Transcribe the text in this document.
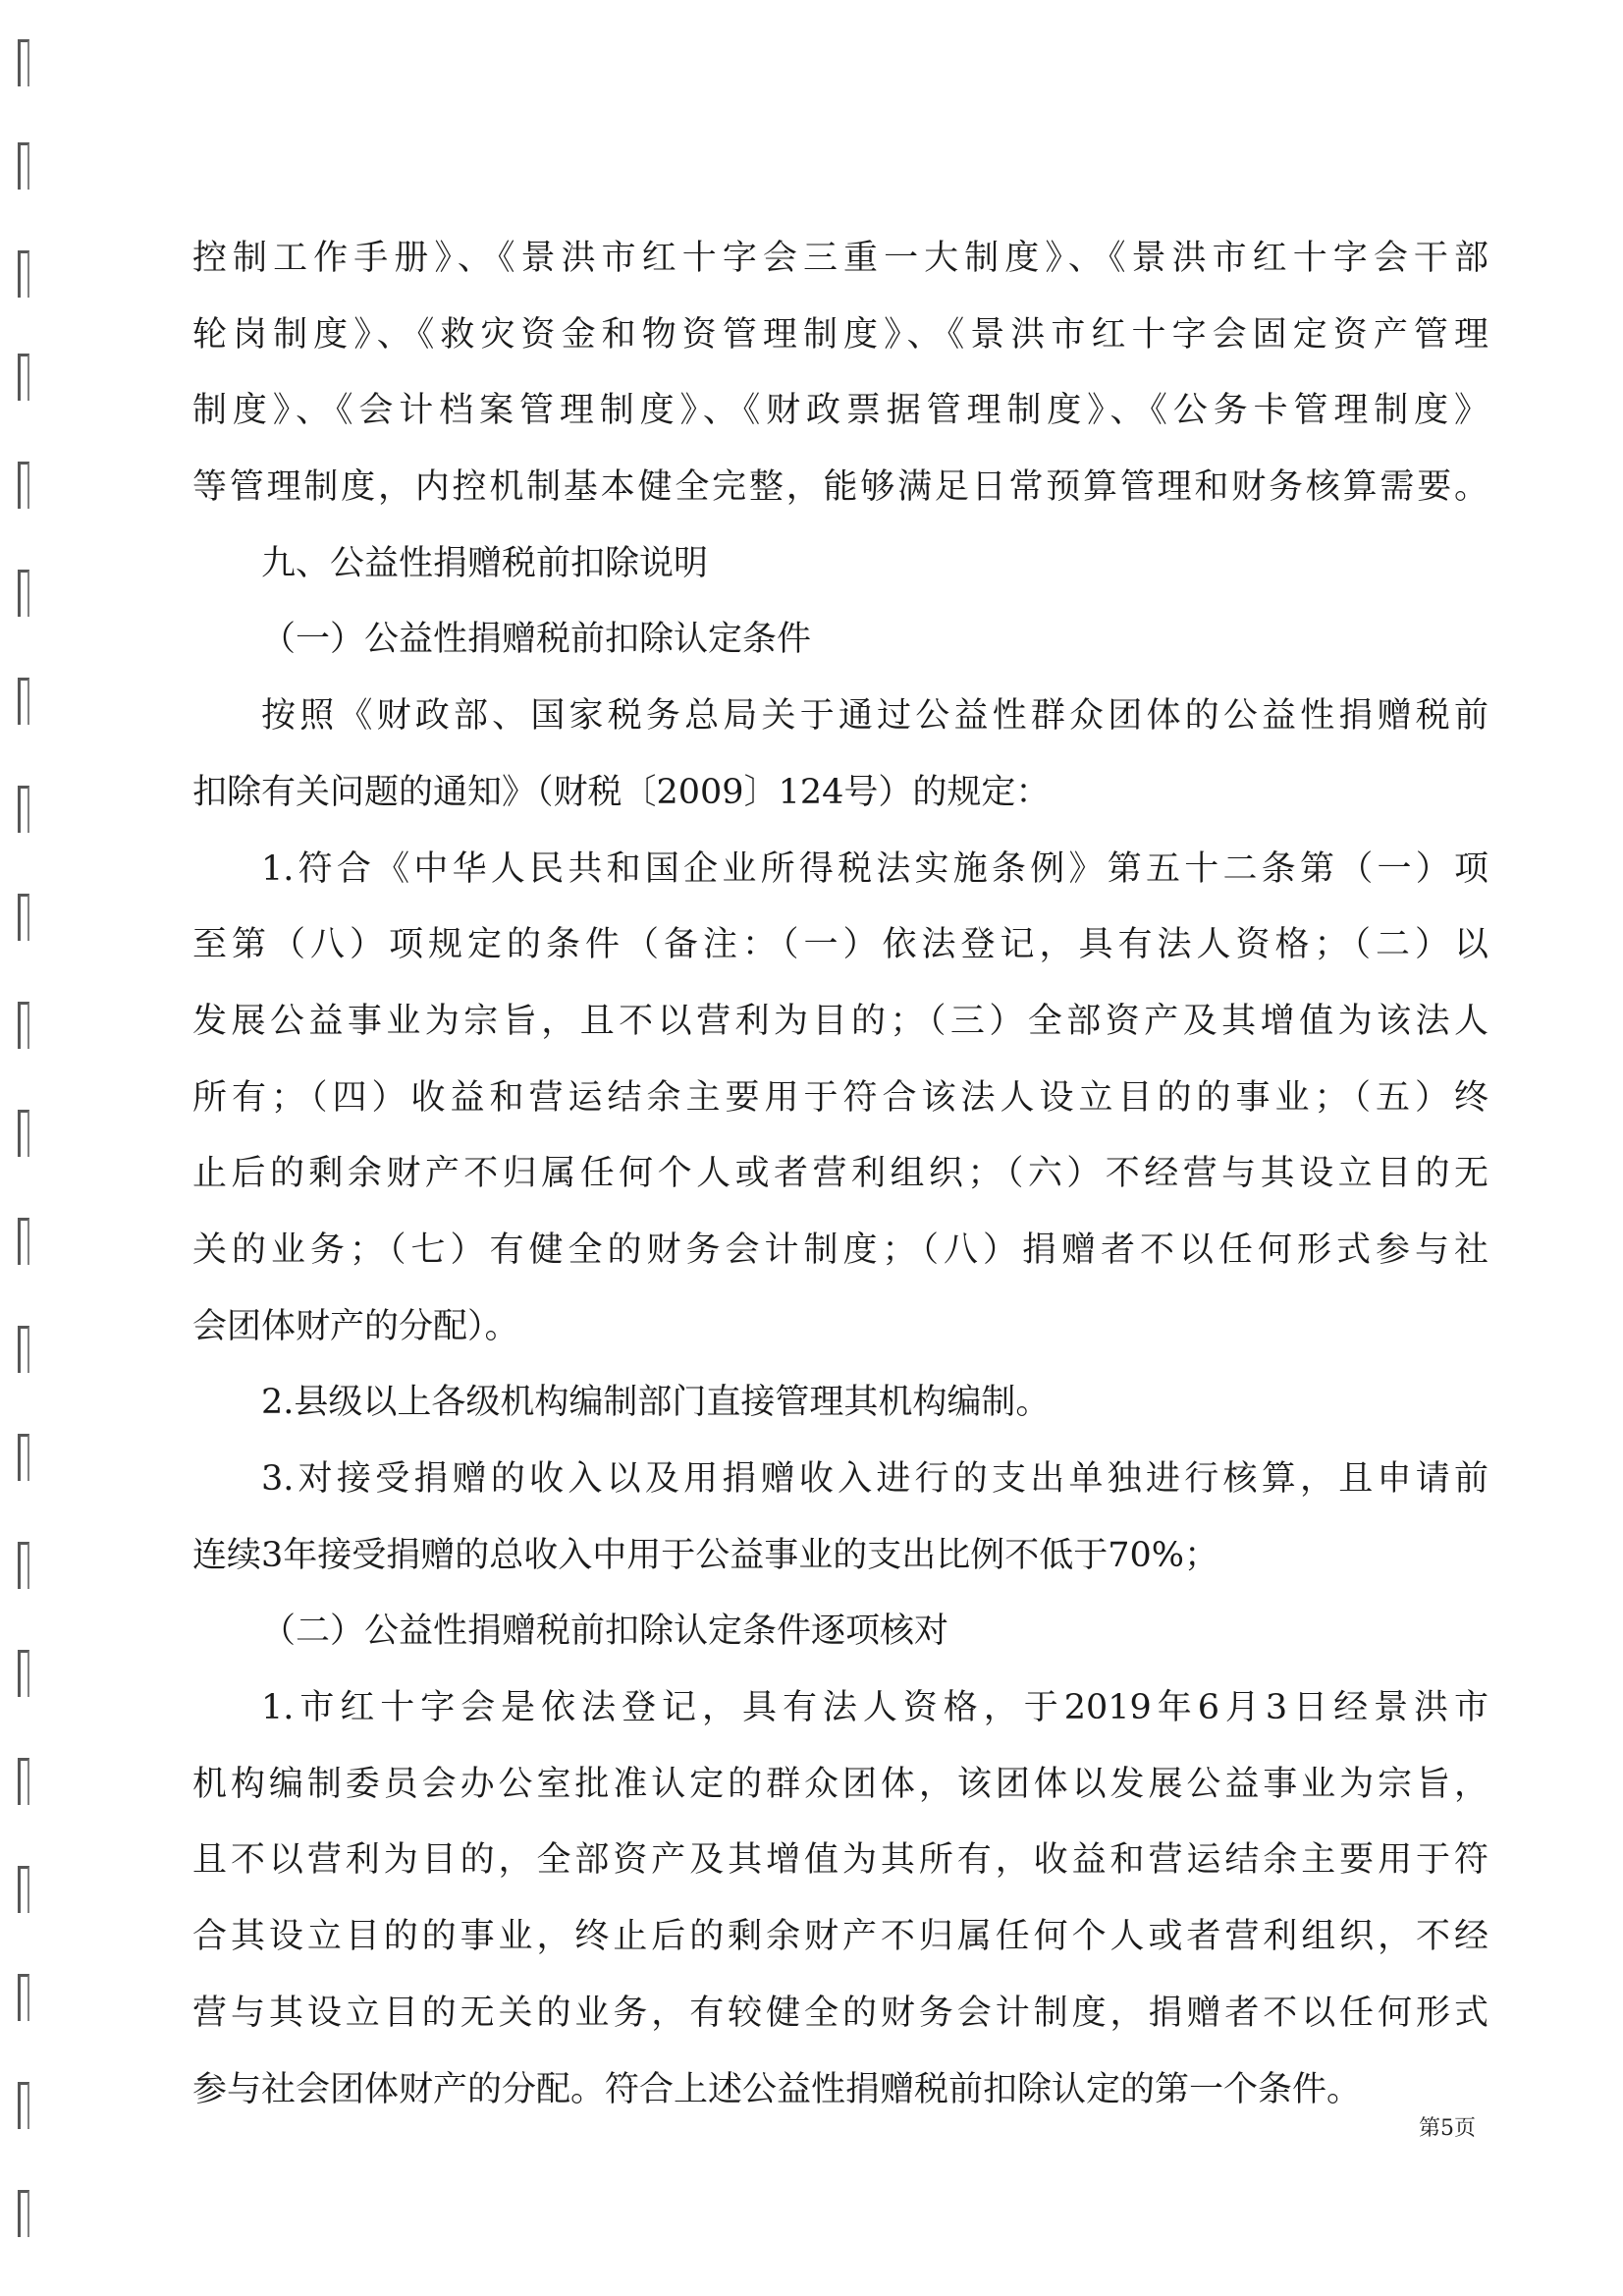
控制工作手册》、《景洪市红十字会三重一大制度》、《景洪市红十字会干部
轮岗制度》、《救灾资金和物资管理制度》、《景洪市红十字会固定资产管理
制度》、《会计档案管理制度》、《财政票据管理制度》、《公务卡管理制度》
等管理制度，内控机制基本健全完整，能够满足日常预算管理和财务核算需要。
九、公益性捐赠税前扣除说明
（一）公益性捐赠税前扣除认定条件
按照《财政部、国家税务总局关于通过公益性群众团体的公益性捐赠税前
扣除有关问题的通知》（财税〔2009〕124号）的规定：
1.符合《中华人民共和国企业所得税法实施条例》第五十二条第（一）项
至第（八）项规定的条件（备注：（一）依法登记，具有法人资格；（二）以
发展公益事业为宗旨，且不以营利为目的；（三）全部资产及其增值为该法人
所有；（四）收益和营运结余主要用于符合该法人设立目的的事业；（五）终
止后的剩余财产不归属任何个人或者营利组织；（六）不经营与其设立目的无
关的业务；（七）有健全的财务会计制度；（八）捐赠者不以任何形式参与社
会团体财产的分配）。
2.县级以上各级机构编制部门直接管理其机构编制。
3.对接受捐赠的收入以及用捐赠收入进行的支出单独进行核算，且申请前
连续3年接受捐赠的总收入中用于公益事业的支出比例不低于70%；
（二）公益性捐赠税前扣除认定条件逐项核对
1.市红十字会是依法登记，具有法人资格，于2019年6月3日经景洪市
机构编制委员会办公室批准认定的群众团体，该团体以发展公益事业为宗旨，
且不以营利为目的，全部资产及其增值为其所有，收益和营运结余主要用于符
合其设立目的的事业，终止后的剩余财产不归属任何个人或者营利组织，不经
营与其设立目的无关的业务，有较健全的财务会计制度，捐赠者不以任何形式
参与社会团体财产的分配。符合上述公益性捐赠税前扣除认定的第一个条件。
第5页
